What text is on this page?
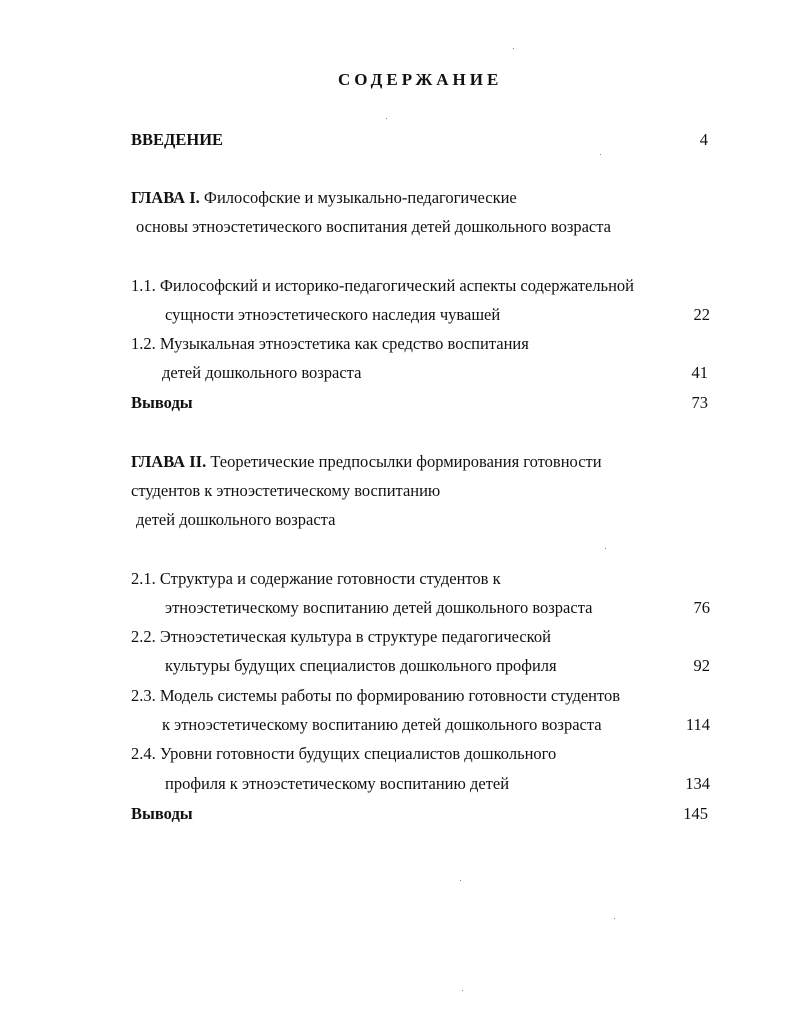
СОДЕРЖАНИЕ
ВВЕДЕНИЕ	4
ГЛАВА I. Философские и музыкально-педагогические
основы этноэстетического воспитания детей дошкольного возраста
1.1. Философский и историко-педагогический аспекты содержательной
сущности этноэстетического наследия чувашей	22
1.2. Музыкальная этноэстетика как средство воспитания
детей дошкольного возраста	41
Выводы	73
ГЛАВА II. Теоретические предпосылки формирования готовности
студентов к этноэстетическому воспитанию
детей дошкольного возраста
2.1. Структура и содержание готовности студентов к
этноэстетическому воспитанию детей дошкольного возраста	76
2.2. Этноэстетическая культура в структуре педагогической
культуры будущих специалистов дошкольного профиля	92
2.3. Модель системы работы по формированию готовности студентов
к этноэстетическому воспитанию детей дошкольного возраста	114
2.4. Уровни готовности будущих специалистов дошкольного
профиля к этноэстетическому воспитанию детей	134
Выводы	145
